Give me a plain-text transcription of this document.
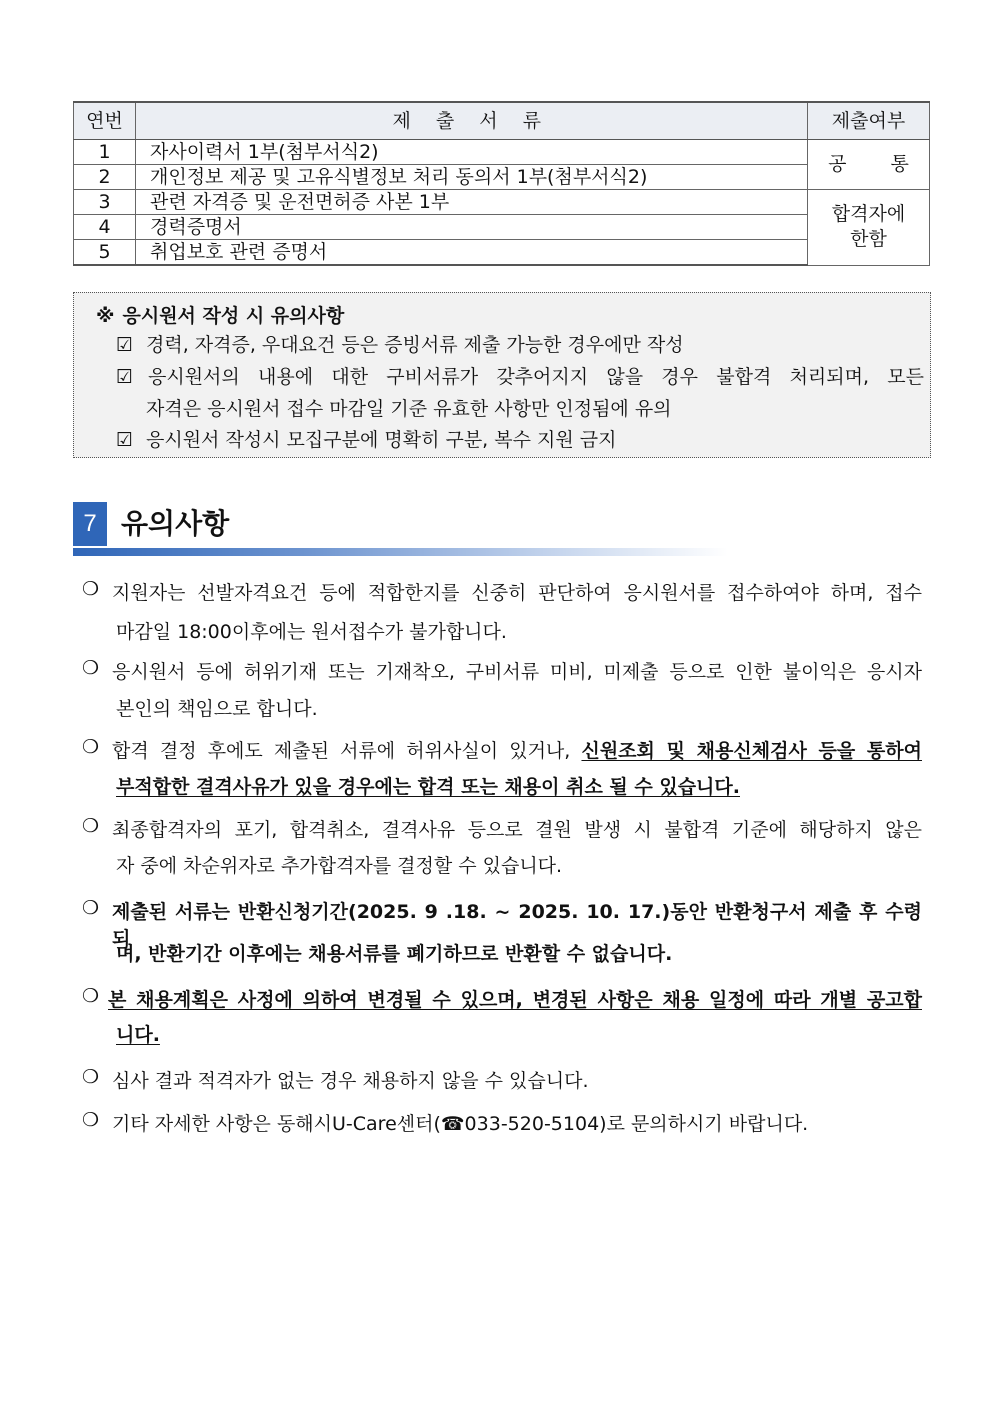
연번	제 출 서 류	제출여부
1	자사이력서 1부(첨부서식2)	공 통
2	개인정보 제공 및 고유식별정보 처리 동의서 1부(첨부서식2)	
3	관련 자격증 및 운전면허증 사본 1부	합격자에 한함

4	경력증명서	
5	취업보호 관련 증명서	
※ 응시원서 작성 시 유의사항
☑ 경력, 자격증, 우대요건 등은 증빙서류 제출 가능한 경우에만 작성
☑ 응시원서의 내용에 대한 구비서류가 갖추어지지 않을 경우 불합격 처리되며, 모든
자격은 응시원서 접수 마감일 기준 유효한 사항만 인정됨에 유의
☑ 응시원서 작성시 모집구분에 명확히 구분, 복수 지원 금지
7 유의사항
❍ 지원자는 선발자격요건 등에 적합한지를 신중히 판단하여 응시원서를 접수하여야 하며, 접수
마감일 18:00이후에는 원서접수가 불가합니다.
❍ 응시원서 등에 허위기재 또는 기재착오, 구비서류 미비, 미제출 등으로 인한 불이익은 응시자
본인의 책임으로 합니다.
❍ 합격 결정 후에도 제출된 서류에 허위사실이 있거나, 신원조회 및 채용신체검사 등을 통하여
부적합한 결격사유가 있을 경우에는 합격 또는 채용이 취소 될 수 있습니다.
❍ 최종합격자의 포기, 합격취소, 결격사유 등으로 결원 발생 시 불합격 기준에 해당하지 않은
자 중에 차순위자로 추가합격자를 결정할 수 있습니다.
❍ 제출된 서류는 반환신청기간(2025. 9 .18. ~ 2025. 10. 17.)동안 반환청구서 제출 후 수령되
며, 반환기간 이후에는 채용서류를 폐기하므로 반환할 수 없습니다.
❍ 본 채용계획은 사정에 의하여 변경될 수 있으며, 변경된 사항은 채용 일정에 따라 개별 공고합
니다.
❍ 심사 결과 적격자가 없는 경우 채용하지 않을 수 있습니다.
❍ 기타 자세한 사항은 동해시U-Care센터(☎033-520-5104)로 문의하시기 바랍니다.
